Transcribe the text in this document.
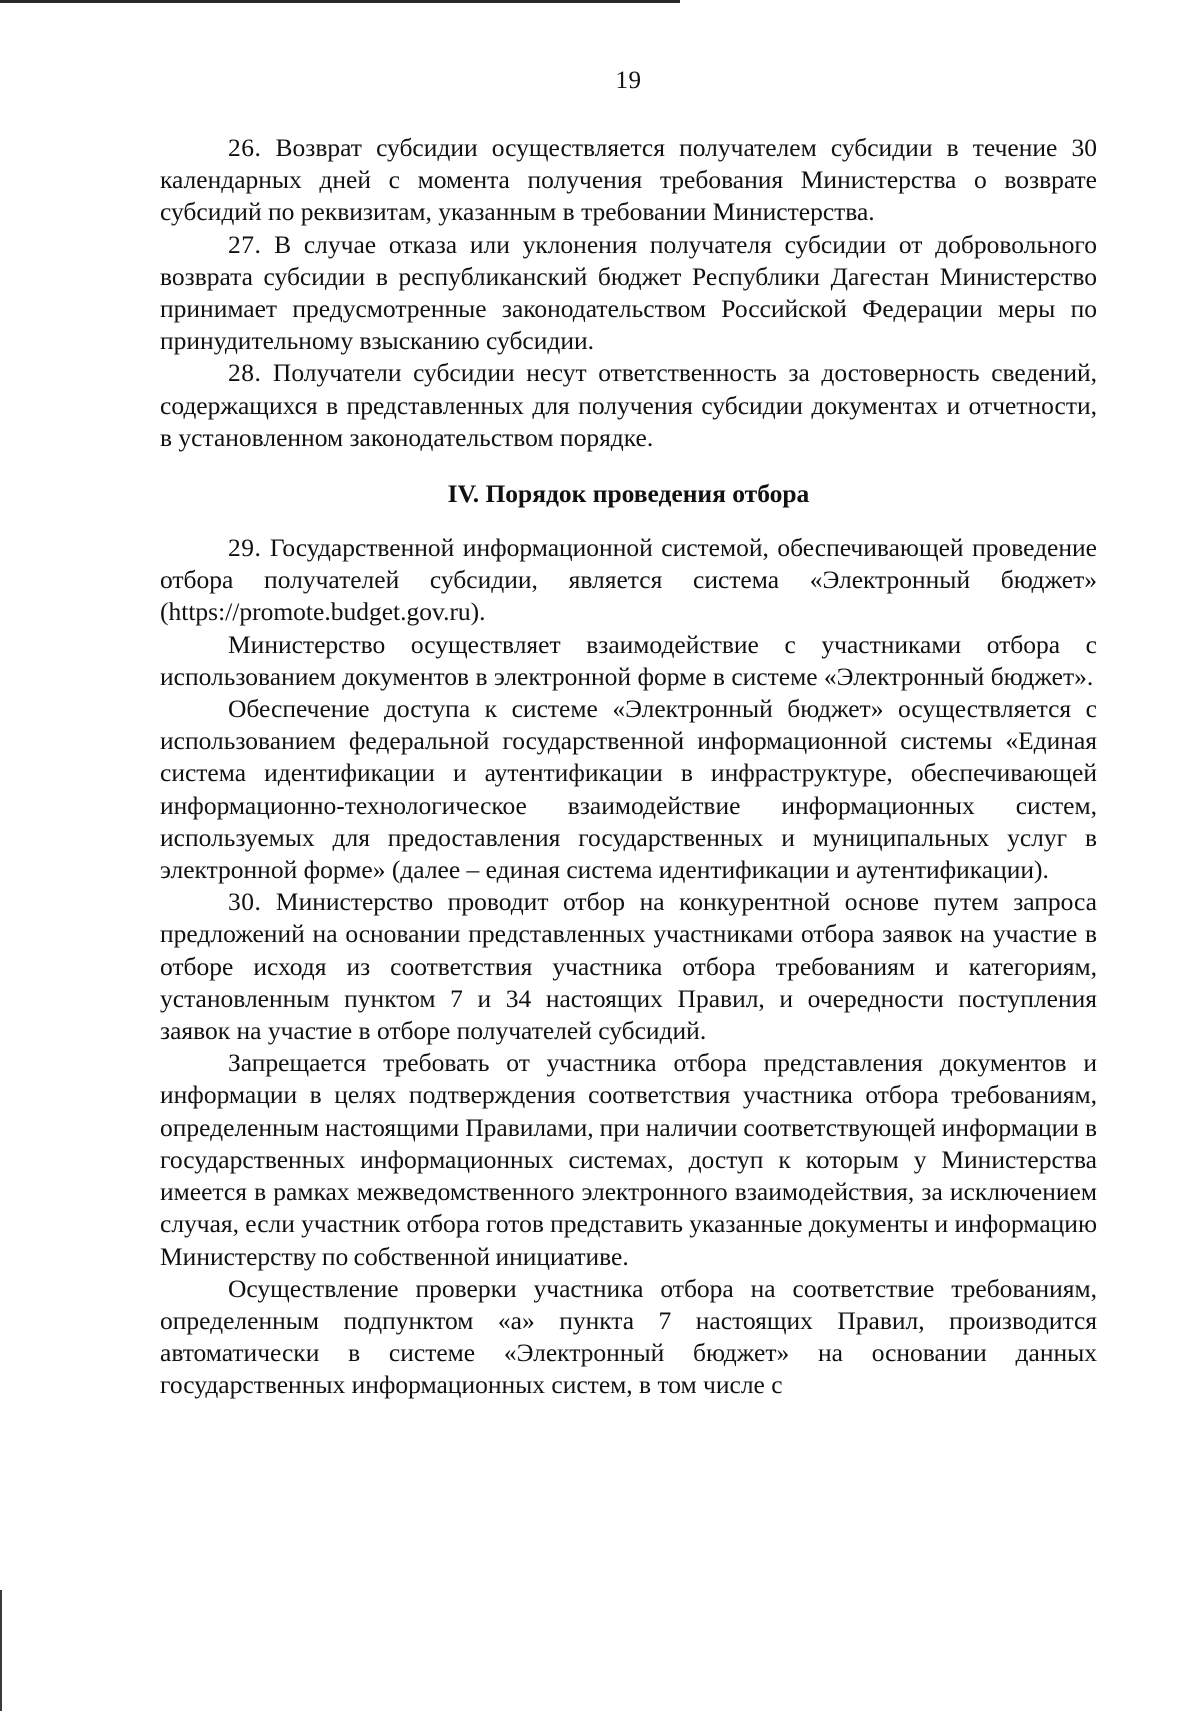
19

26. Возврат субсидии осуществляется получателем субсидии в течение 30 календарных дней с момента получения требования Министерства о возврате субсидий по реквизитам, указанным в требовании Министерства.

27. В случае отказа или уклонения получателя субсидии от добровольного возврата субсидии в республиканский бюджет Республики Дагестан Министерство принимает предусмотренные законодательством Российской Федерации меры по принудительному взысканию субсидии.

28. Получатели субсидии несут ответственность за достоверность сведений, содержащихся в представленных для получения субсидии документах и отчетности, в установленном законодательством порядке.

IV. Порядок проведения отбора

29. Государственной информационной системой, обеспечивающей проведение отбора получателей субсидии, является система «Электронный бюджет» (https://promote.budget.gov.ru).

Министерство осуществляет взаимодействие с участниками отбора с использованием документов в электронной форме в системе «Электронный бюджет».

Обеспечение доступа к системе «Электронный бюджет» осуществляется с использованием федеральной государственной информационной системы «Единая система идентификации и аутентификации в инфраструктуре, обеспечивающей информационно-технологическое взаимодействие информационных систем, используемых для предоставления государственных и муниципальных услуг в электронной форме» (далее – единая система идентификации и аутентификации).

30. Министерство проводит отбор на конкурентной основе путем запроса предложений на основании представленных участниками отбора заявок на участие в отборе исходя из соответствия участника отбора требованиям и категориям, установленным пунктом 7 и 34 настоящих Правил, и очередности поступления заявок на участие в отборе получателей субсидий.

Запрещается требовать от участника отбора представления документов и информации в целях подтверждения соответствия участника отбора требованиям, определенным настоящими Правилами, при наличии соответствующей информации в государственных информационных системах, доступ к которым у Министерства имеется в рамках межведомственного электронного взаимодействия, за исключением случая, если участник отбора готов представить указанные документы и информацию Министерству по собственной инициативе.

Осуществление проверки участника отбора на соответствие требованиям, определенным подпунктом «а» пункта 7 настоящих Правил, производится автоматически в системе «Электронный бюджет» на основании данных государственных информационных систем, в том числе с
